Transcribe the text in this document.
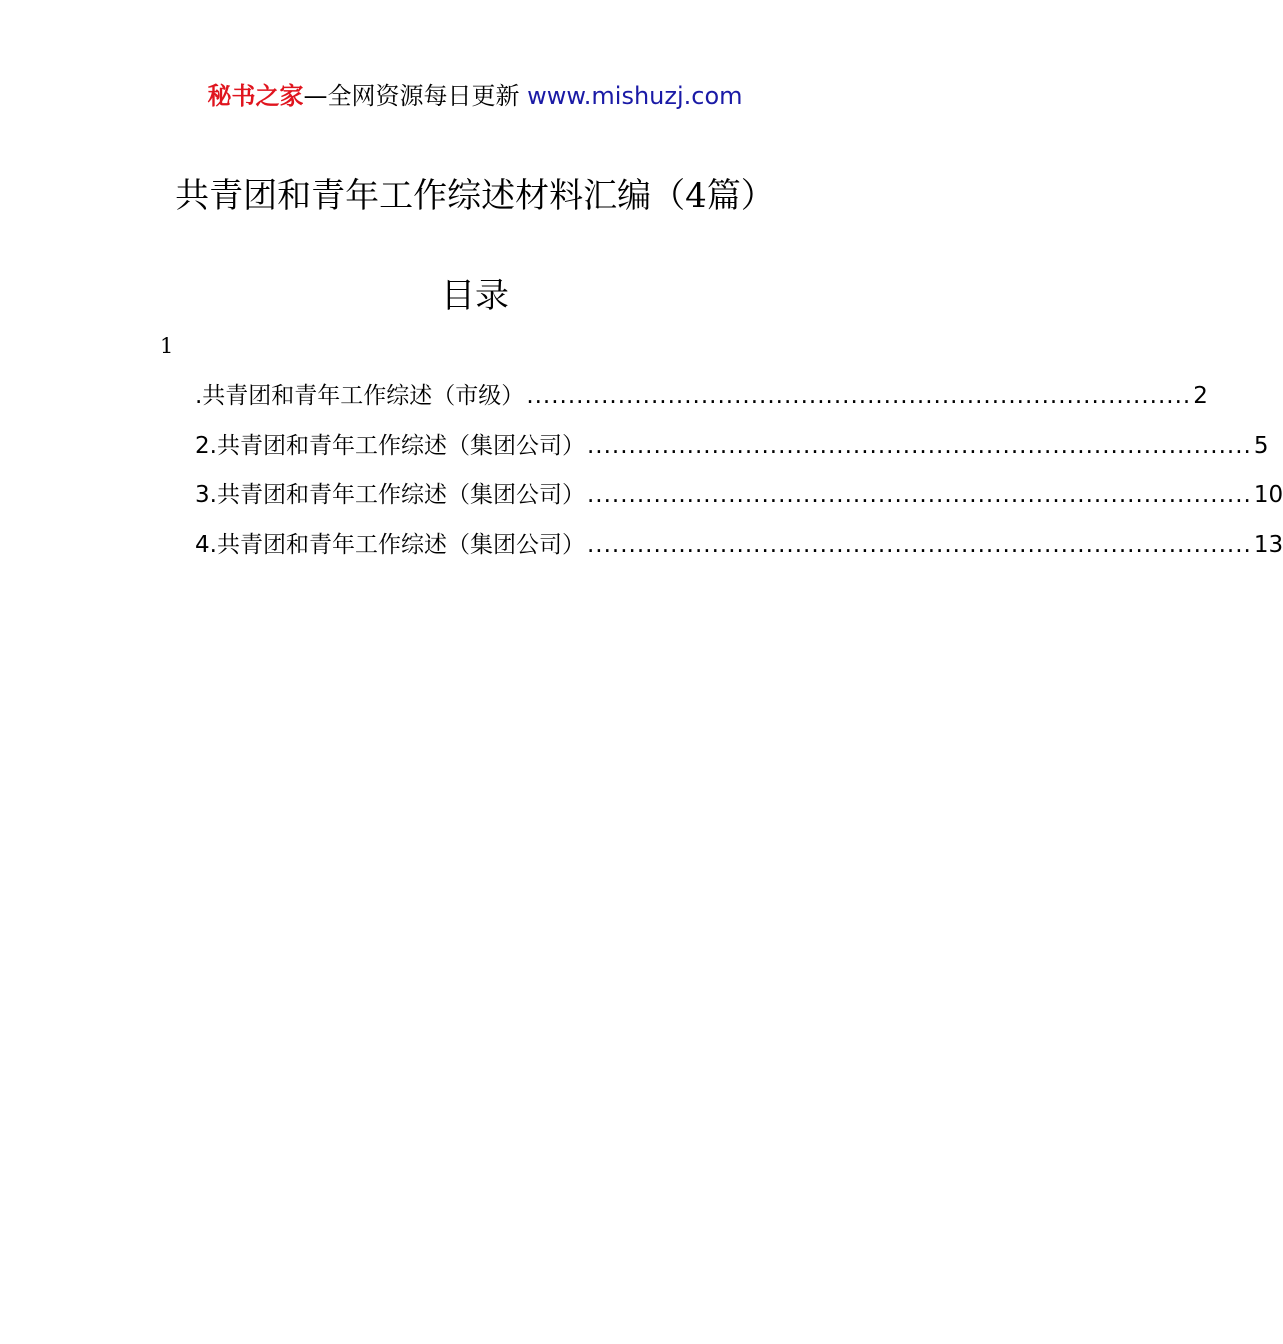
秘书之家—全网资源每日更新 www.mishuzj.com
共青团和青年工作综述材料汇编（4篇）
目录
1
.共青团和青年工作综述（市级） ................................................................................ 2
2.共青团和青年工作综述（集团公司） ................................................................................ 5
3.共青团和青年工作综述（集团公司） ................................................................................ 10
4.共青团和青年工作综述（集团公司） ................................................................................ 13
